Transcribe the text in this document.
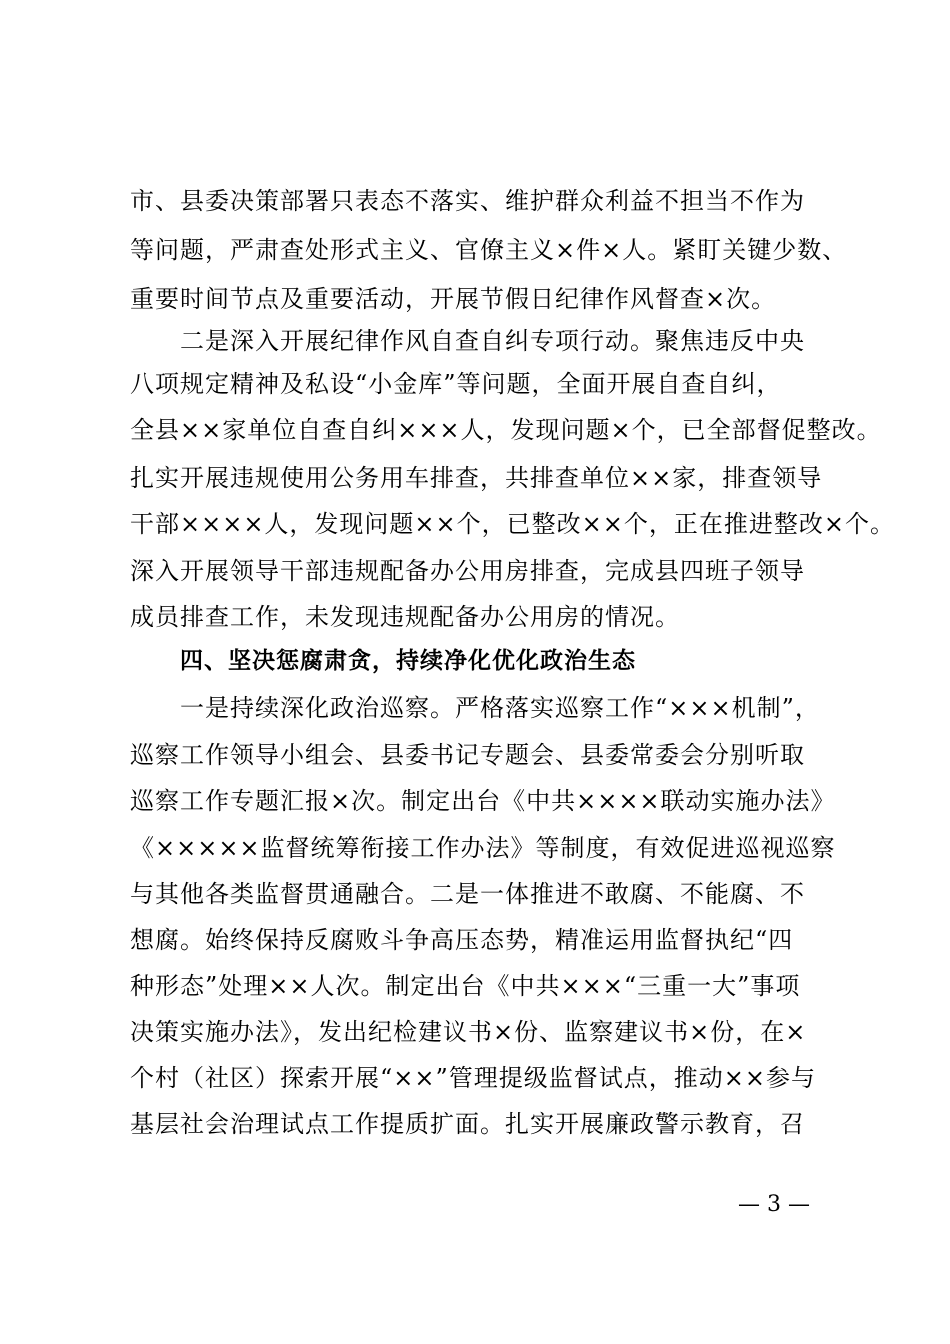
市、县委决策部署只表态不落实、维护群众利益不担当不作为
等问题，严肃查处形式主义、官僚主义×件×人。紧盯关键少数、
重要时间节点及重要活动，开展节假日纪律作风督查×次。
二是深入开展纪律作风自查自纠专项行动。聚焦违反中央
八项规定精神及私设“小金库”等问题，全面开展自查自纠，
全县××家单位自查自纠×××人，发现问题×个，已全部督促整改。
扎实开展违规使用公务用车排查，共排查单位××家，排查领导
干部××××人，发现问题××个，已整改××个，正在推进整改×个。
深入开展领导干部违规配备办公用房排查，完成县四班子领导
成员排查工作，未发现违规配备办公用房的情况。
四、坚决惩腐肃贪，持续净化优化政治生态
一是持续深化政治巡察。严格落实巡察工作“×××机制”，
巡察工作领导小组会、县委书记专题会、县委常委会分别听取
巡察工作专题汇报×次。制定出台《中共××××联动实施办法》
《×××××监督统筹衔接工作办法》等制度，有效促进巡视巡察
与其他各类监督贯通融合。二是一体推进不敢腐、不能腐、不
想腐。始终保持反腐败斗争高压态势，精准运用监督执纪“四
种形态”处理××人次。制定出台《中共×××“三重一大”事项
决策实施办法》，发出纪检建议书×份、监察建议书×份，在×
个村（社区）探索开展“××”管理提级监督试点，推动××参与
基层社会治理试点工作提质扩面。扎实开展廉政警示教育，召
— 3 —
